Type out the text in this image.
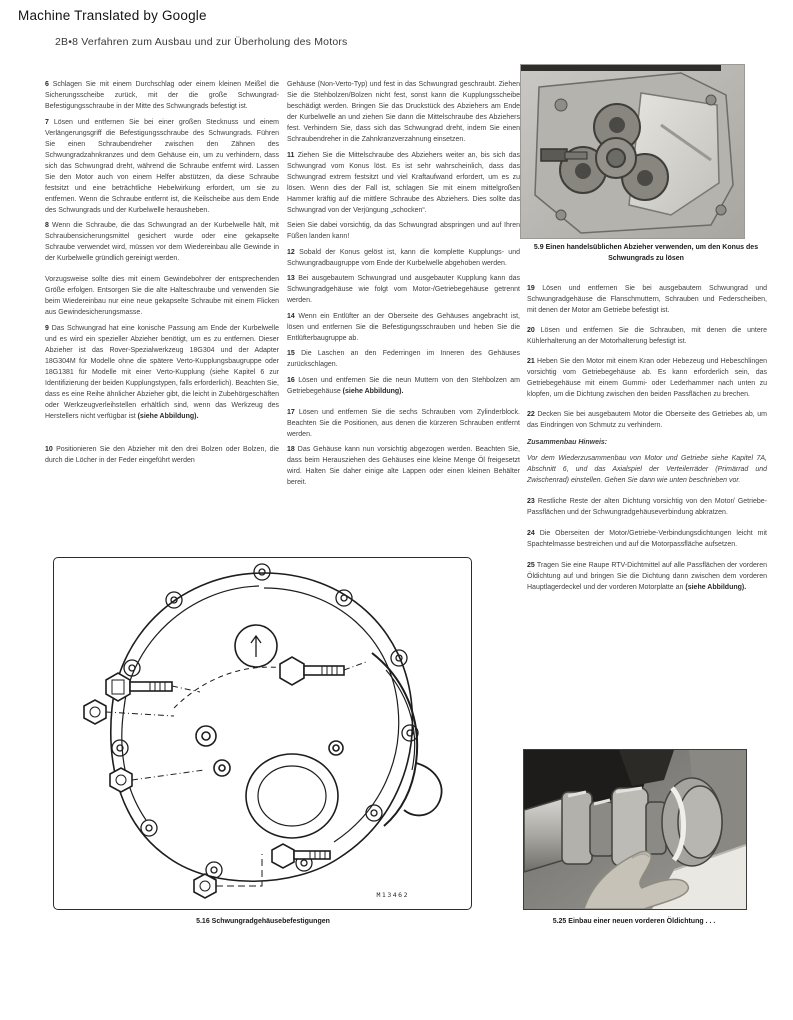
Machine Translated by Google
2B•8 Verfahren zum Ausbau und zur Überholung des Motors

6 Schlagen Sie mit einem Durchschlag oder einem kleinen Meißel die Sicherungsscheibe zurück, mit der die große Schwungrad-Befestigungsschraube in der Mitte des Schwungrads befestigt ist.

7 Lösen und entfernen Sie bei einer großen Stecknuss und einem Verlängerungsgriff die Befestigungsschraube des Schwungrads. Führen Sie einen Schraubendreher zwischen den Zähnen des Schwungradzahnkranzes und dem Gehäuse ein, um zu verhindern, dass sich das Schwungrad dreht, während die Schraube entfernt wird. Lassen Sie den Motor auch von einem Helfer abstützen, da diese Schraube festsitzt und eine beträchtliche Hebelwirkung erfordert, um sie zu entfernen. Wenn die Schraube entfernt ist, die Keilscheibe aus dem Ende des Schwungrads und der Kurbelwelle herausheben.

8 Wenn die Schraube, die das Schwungrad an der Kurbelwelle hält, mit Schraubensicherungsmittel gesichert wurde oder eine gekapselte Schraube verwendet wird, müssen vor dem Wiedereinbau alle Gewinde in der Kurbelwelle gründlich gereinigt werden.

Vorzugsweise sollte dies mit einem Gewindebohrer der entsprechenden Größe erfolgen. Entsorgen Sie die alte Halteschraube und verwenden Sie beim Wiedereinbau nur eine neue gekapselte Schraube mit einem Flicken aus Gewindesicherungsmasse.

9 Das Schwungrad hat eine konische Passung am Ende der Kurbelwelle und es wird ein spezieller Abzieher benötigt, um es zu entfernen. Dieser Abzieher ist das Rover-Spezialwerkzeug 18G304 und der Adapter 18G304M für Modelle ohne die spätere Verto-Kupplungsbaugruppe oder 18G1381 für Modelle mit einer Verto-Kupplung (siehe Kapitel 6 zur Identifizierung der beiden Kupplungstypen, falls erforderlich). Beachten Sie, dass es eine Reihe ähnlicher Abzieher gibt, die leicht in Zubehörgeschäften oder Werkzeugverleihstellen erhältlich sind, wenn das Werkzeug des Herstellers nicht verfügbar ist (siehe Abbildung).

10 Positionieren Sie den Abzieher mit den drei Bolzen oder Bolzen, die durch die Löcher in der Feder eingeführt werden

Gehäuse (Non-Verto-Typ) und fest in das Schwungrad geschraubt. Ziehen Sie die Stehbolzen/Bolzen nicht fest, sonst kann die Kupplungsscheibe beschädigt werden. Bringen Sie das Druckstück des Abziehers am Ende der Kurbelwelle an und ziehen Sie dann die Mittelschraube des Abziehers fest. Verhindern Sie, dass sich das Schwungrad dreht, indem Sie einen Schraubendreher in die Zahnkranzverzahnung einsetzen.

11 Ziehen Sie die Mittelschraube des Abziehers weiter an, bis sich das Schwungrad vom Konus löst. Es ist sehr wahrscheinlich, dass das Schwungrad extrem festsitzt und viel Kraftaufwand erfordert, um es zu lösen. Wenn dies der Fall ist, schlagen Sie mit einem mittelgroßen Hammer kräftig auf die mittlere Schraube des Abziehers. Dies sollte das Schwungrad von der Verjüngung „schocken“.

Seien Sie dabei vorsichtig, da das Schwungrad abspringen und auf Ihren Füßen landen kann!

12 Sobald der Konus gelöst ist, kann die komplette Kupplungs- und Schwungradbaugruppe vom Ende der Kurbelwelle abgehoben werden.

13 Bei ausgebautem Schwungrad und ausgebauter Kupplung kann das Schwungradgehäuse wie folgt vom Motor-/Getriebegehäuse getrennt werden.

14 Wenn ein Entlüfter an der Oberseite des Gehäuses angebracht ist, lösen und entfernen Sie die Befestigungsschrauben und heben Sie die Entlüfterbaugruppe ab.

15 Die Laschen an den Federringen im Inneren des Gehäuses zurückschlagen.

16 Lösen und entfernen Sie die neun Muttern von den Stehbolzen am Getriebegehäuse (siehe Abbildung).

17 Lösen und entfernen Sie die sechs Schrauben vom Zylinderblock. Beachten Sie die Positionen, aus denen die kürzeren Schrauben entfernt werden.

18 Das Gehäuse kann nun vorsichtig abgezogen werden. Beachten Sie, dass beim Herausziehen des Gehäuses eine kleine Menge Öl freigesetzt wird. Halten Sie daher einige alte Lappen oder einen kleinen Behälter bereit.

19 Lösen und entfernen Sie bei ausgebautem Schwungrad und Schwungradgehäuse die Flanschmuttern, Schrauben und Federscheiben, mit denen der Motor am Getriebe befestigt ist.

20 Lösen und entfernen Sie die Schrauben, mit denen die untere Kühlerhalterung an der Motorhalterung befestigt ist.

21 Heben Sie den Motor mit einem Kran oder Hebezeug und Hebeschlingen vorsichtig vom Getriebegehäuse ab. Es kann erforderlich sein, das Getriebegehäuse mit einem Gummi- oder Lederhammer nach unten zu klopfen, um die Dichtung zwischen den beiden Passflächen zu brechen.

22 Decken Sie bei ausgebautem Motor die Oberseite des Getriebes ab, um das Eindringen von Schmutz zu verhindern.

Zusammenbau Hinweis:

Vor dem Wiederzusammenbau von Motor und Getriebe siehe Kapitel 7A, Abschnitt 6, und das Axialspiel der Verteilerräder (Primärrad und Zwischenrad) einstellen. Gehen Sie dann wie unten beschrieben vor.

23 Restliche Reste der alten Dichtung vorsichtig von den Motor/ Getriebe-Passflächen und der Schwungradgehäuseverbindung abkratzen.

24 Die Oberseiten der Motor/Getriebe-Verbindungsdichtungen leicht mit Spachtelmasse bestreichen und auf die Motorpassfläche aufsetzen.

25 Tragen Sie eine Raupe RTV-Dichtmittel auf alle Passflächen der vorderen Öldichtung auf und bringen Sie die Dichtung dann zwischen dem vorderen Hauptlagerdeckel und der vorderen Motorplatte an (siehe Abbildung).

5.9 Einen handelsüblichen Abzieher verwenden, um den Konus des Schwungrads zu lösen
M13462
5.16 Schwungradgehäusebefestigungen	5.25 Einbau einer neuen vorderen Öldichtung . . .
